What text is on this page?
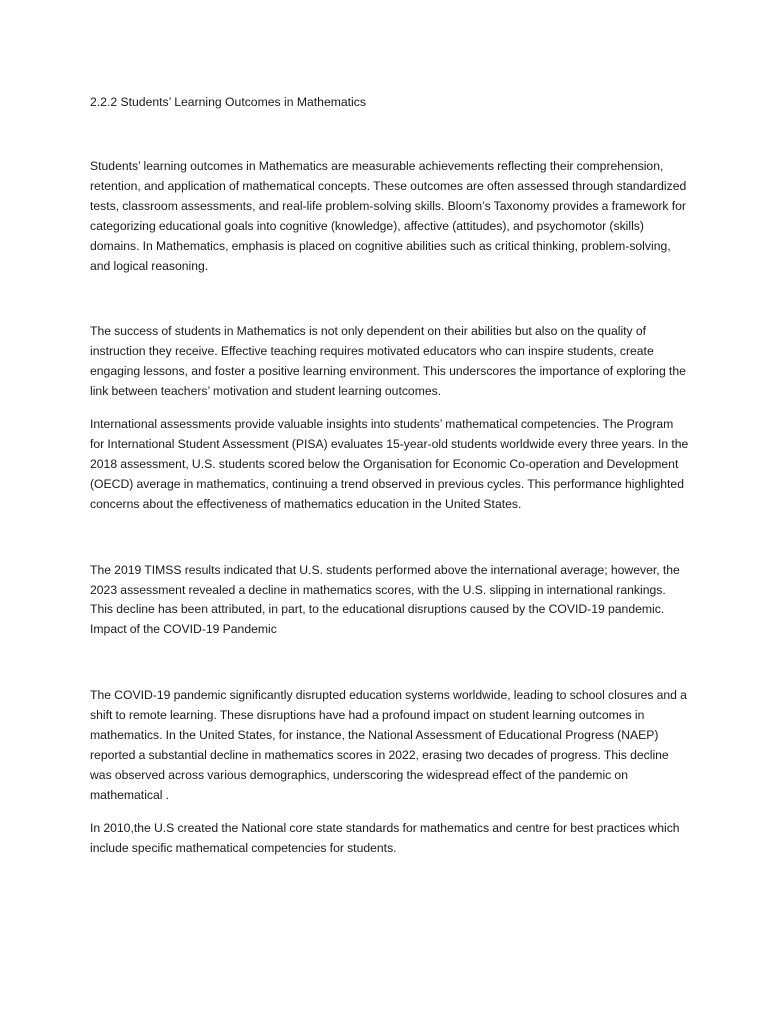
2.2.2 Students’ Learning Outcomes in Mathematics

Students’ learning outcomes in Mathematics are measurable achievements reflecting their comprehension, retention, and application of mathematical concepts. These outcomes are often assessed through standardized tests, classroom assessments, and real-life problem-solving skills. Bloom’s Taxonomy provides a framework for categorizing educational goals into cognitive (knowledge), affective (attitudes), and psychomotor (skills) domains. In Mathematics, emphasis is placed on cognitive abilities such as critical thinking, problem-solving, and logical reasoning.

The success of students in Mathematics is not only dependent on their abilities but also on the quality of instruction they receive. Effective teaching requires motivated educators who can inspire students, create engaging lessons, and foster a positive learning environment. This underscores the importance of exploring the link between teachers’ motivation and student learning outcomes.

International assessments provide valuable insights into students’ mathematical competencies. The Program for International Student Assessment (PISA) evaluates 15-year-old students worldwide every three years. In the 2018 assessment, U.S. students scored below the Organisation for Economic Co-operation and Development (OECD) average in mathematics, continuing a trend observed in previous cycles. This performance highlighted concerns about the effectiveness of mathematics education in the United States.

The 2019 TIMSS results indicated that U.S. students performed above the international average; however, the 2023 assessment revealed a decline in mathematics scores, with the U.S. slipping in international rankings. This decline has been attributed, in part, to the educational disruptions caused by the COVID-19 pandemic. Impact of the COVID-19 Pandemic

The COVID-19 pandemic significantly disrupted education systems worldwide, leading to school closures and a shift to remote learning. These disruptions have had a profound impact on student learning outcomes in mathematics. In the United States, for instance, the National Assessment of Educational Progress (NAEP) reported a substantial decline in mathematics scores in 2022, erasing two decades of progress. This decline was observed across various demographics, underscoring the widespread effect of the pandemic on mathematical .

In 2010,the U.S created the National core state standards for mathematics and centre for best practices which include specific mathematical competencies for students.
